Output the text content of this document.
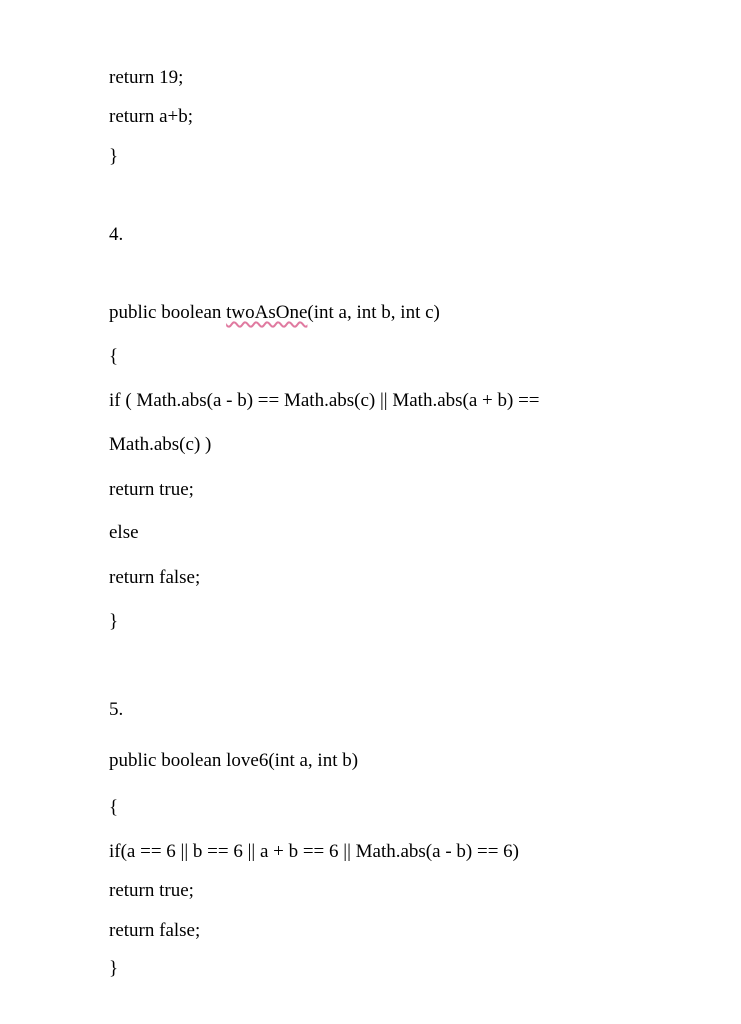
return 19;
return a+b;
}
4.
public boolean twoAsOne(int a, int b, int c)
{
if ( Math.abs(a - b) == Math.abs(c) || Math.abs(a + b) ==
Math.abs(c) )
return true;
else
return false;
}
5.
public boolean love6(int a, int b)
{
if(a == 6 || b == 6 || a + b == 6 || Math.abs(a - b) == 6)
return true;
return false;
}
